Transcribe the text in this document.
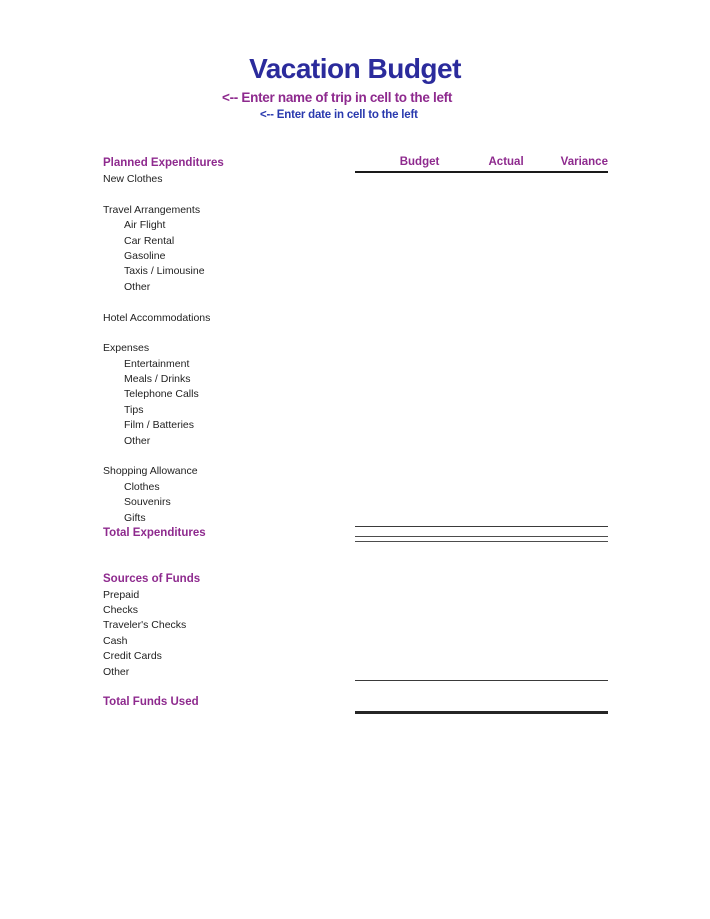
Vacation Budget
<-- Enter name of trip in cell to the left
<-- Enter date in cell to the left
Planned Expenditures	Budget	Actual	Variance
New Clothes
Travel Arrangements
Air Flight
Car Rental
Gasoline
Taxis / Limousine
Other
Hotel Accommodations
Expenses
Entertainment
Meals / Drinks
Telephone Calls
Tips
Film / Batteries
Other
Shopping Allowance
Clothes
Souvenirs
Gifts
Total Expenditures
Sources of Funds
Prepaid
Checks
Traveler's Checks
Cash
Credit Cards
Other
Total Funds Used
